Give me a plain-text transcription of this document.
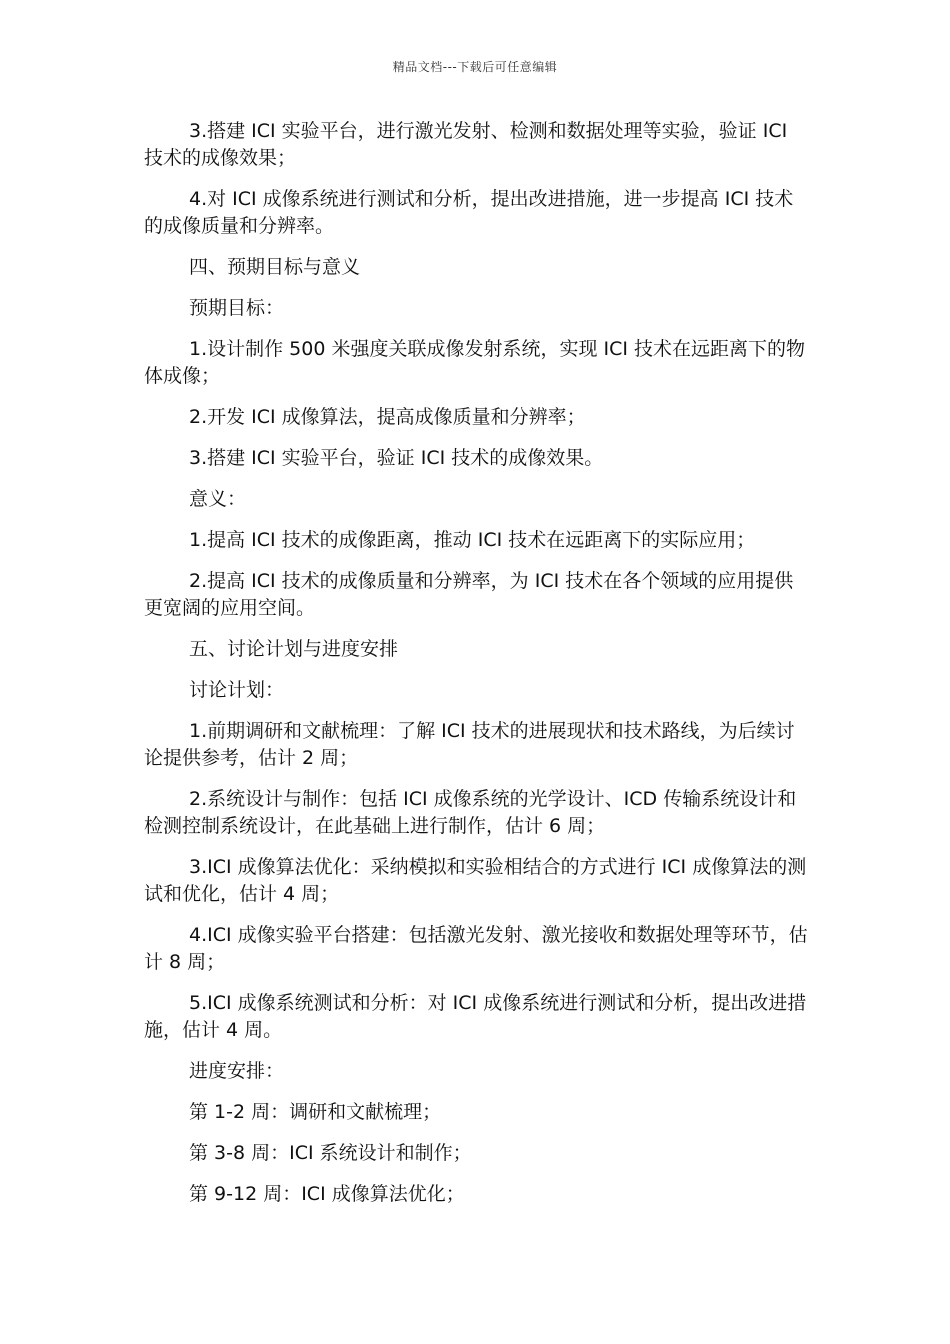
精品文档---下载后可任意编辑

3.搭建 ICI 实验平台，进行激光发射、检测和数据处理等实验，验证 ICI 技术的成像效果；

4.对 ICI 成像系统进行测试和分析，提出改进措施，进一步提高 ICI 技术的成像质量和分辨率。

四、预期目标与意义

预期目标：

1.设计制作 500 米强度关联成像发射系统，实现 ICI 技术在远距离下的物体成像；

2.开发 ICI 成像算法，提高成像质量和分辨率；

3.搭建 ICI 实验平台，验证 ICI 技术的成像效果。

意义：

1.提高 ICI 技术的成像距离，推动 ICI 技术在远距离下的实际应用；

2.提高 ICI 技术的成像质量和分辨率，为 ICI 技术在各个领域的应用提供更宽阔的应用空间。

五、讨论计划与进度安排

讨论计划：

1.前期调研和文献梳理：了解 ICI 技术的进展现状和技术路线，为后续讨论提供参考，估计 2 周；

2.系统设计与制作：包括 ICI 成像系统的光学设计、ICD 传输系统设计和检测控制系统设计，在此基础上进行制作，估计 6 周；

3.ICI 成像算法优化：采纳模拟和实验相结合的方式进行 ICI 成像算法的测试和优化，估计 4 周；

4.ICI 成像实验平台搭建：包括激光发射、激光接收和数据处理等环节，估计 8 周；

5.ICI 成像系统测试和分析：对 ICI 成像系统进行测试和分析，提出改进措施，估计 4 周。

进度安排：

第 1-2 周：调研和文献梳理；

第 3-8 周：ICI 系统设计和制作；

第 9-12 周：ICI 成像算法优化；
